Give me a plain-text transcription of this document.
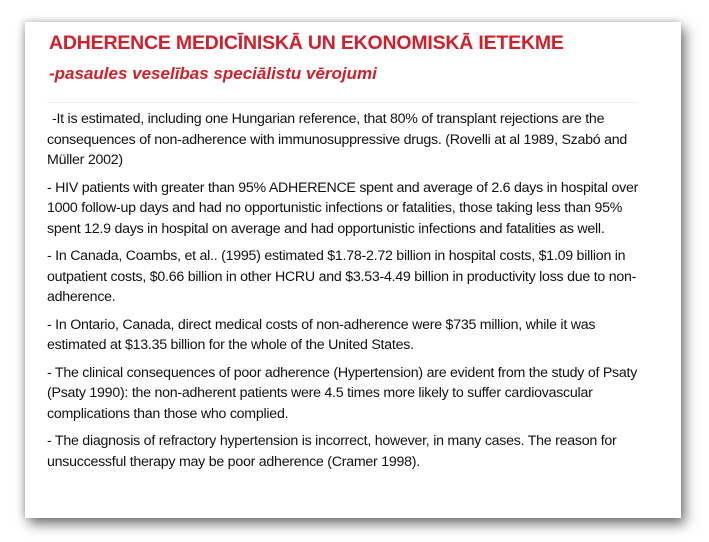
ADHERENCE MEDICĪNISKĀ UN EKONOMISKĀ IETEKME
-pasaules veselības speciālistu vērojumi

-It is estimated, including one Hungarian reference, that 80% of transplant rejections are the consequences of non-adherence with immunosuppressive drugs. (Rovelli at al 1989, Szabó and Müller 2002)

- HIV patients with greater than 95% ADHERENCE spent and average of 2.6 days in hospital over 1000 follow-up days and had no opportunistic infections or fatalities, those taking less than 95% spent 12.9 days in hospital on average and had opportunistic infections and fatalities as well.

- In Canada, Coambs, et al.. (1995) estimated $1.78-2.72 billion in hospital costs, $1.09 billion in outpatient costs, $0.66 billion in other HCRU and $3.53-4.49 billion in productivity loss due to non-adherence.

- In Ontario, Canada, direct medical costs of non-adherence were $735 million, while it was estimated at $13.35 billion for the whole of the United States.

- The clinical consequences of poor adherence (Hypertension) are evident from the study of Psaty (Psaty 1990): the non-adherent patients were 4.5 times more likely to suffer cardiovascular complications than those who complied.

- The diagnosis of refractory hypertension is incorrect, however, in many cases. The reason for unsuccessful therapy may be poor adherence (Cramer 1998).
